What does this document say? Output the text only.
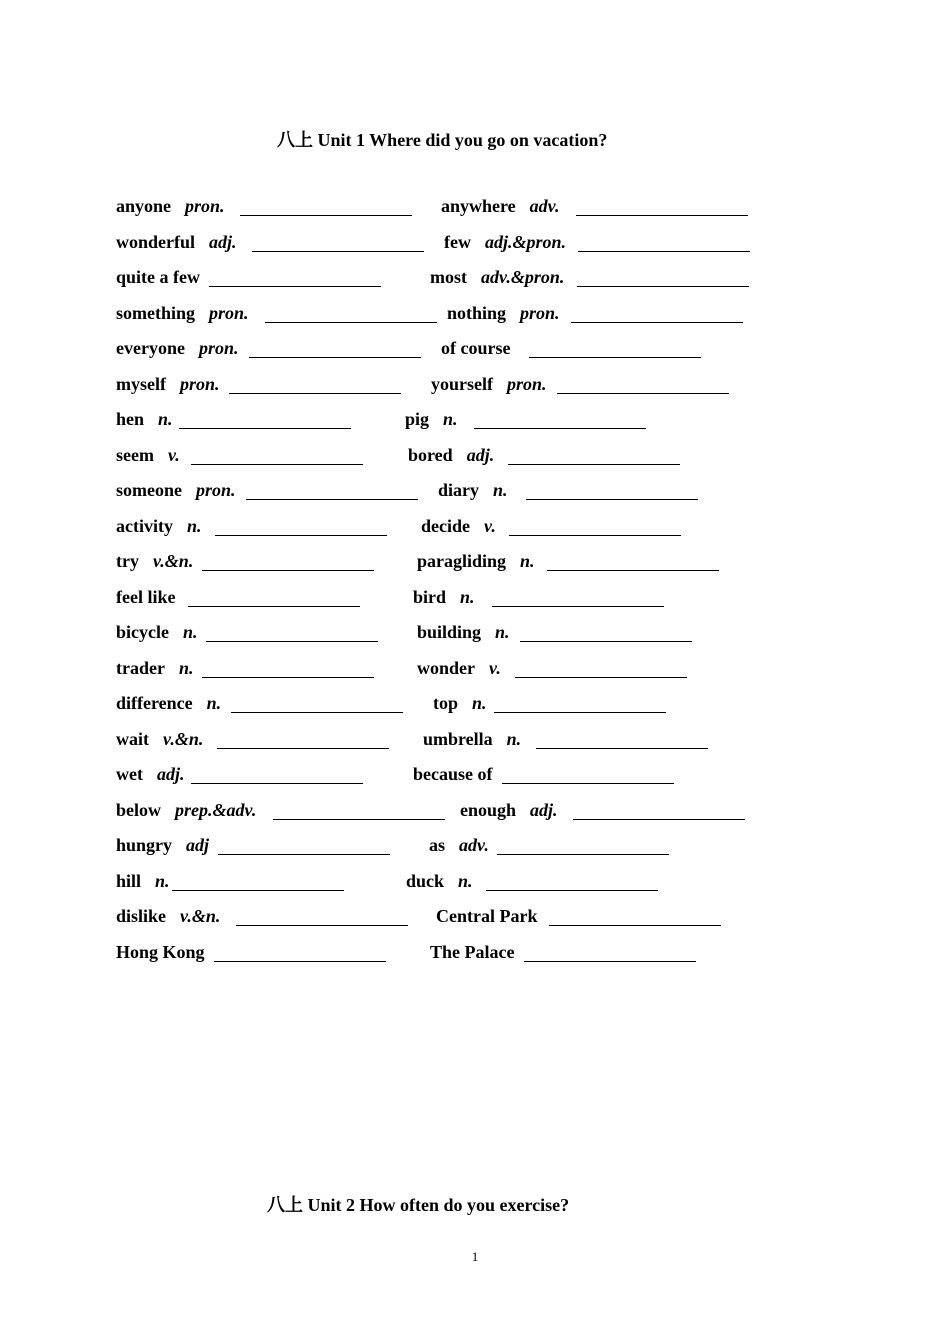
八上 Unit 1 Where did you go on vacation?
anyone pron.	anywhere adv.
wonderful adj.	few adj.&pron.
quite a few	most adv.&pron.
something pron.	nothing pron.
everyone pron.	of course
myself pron.	yourself pron.
hen n.	pig n.
seem v.	bored adj.
someone pron.	diary n.
activity n.	decide v.
try v.&n.	paragliding n.
feel like	bird n.
bicycle n.	building n.
trader n.	wonder v.
difference n.	top n.
wait v.&n.	umbrella n.
wet adj.	because of
below prep.&adv.	enough adj.
hungry adj	as adv.
hill n.	duck n.
dislike v.&n.	Central Park
Hong Kong	The Palace
八上 Unit 2 How often do you exercise?
1
